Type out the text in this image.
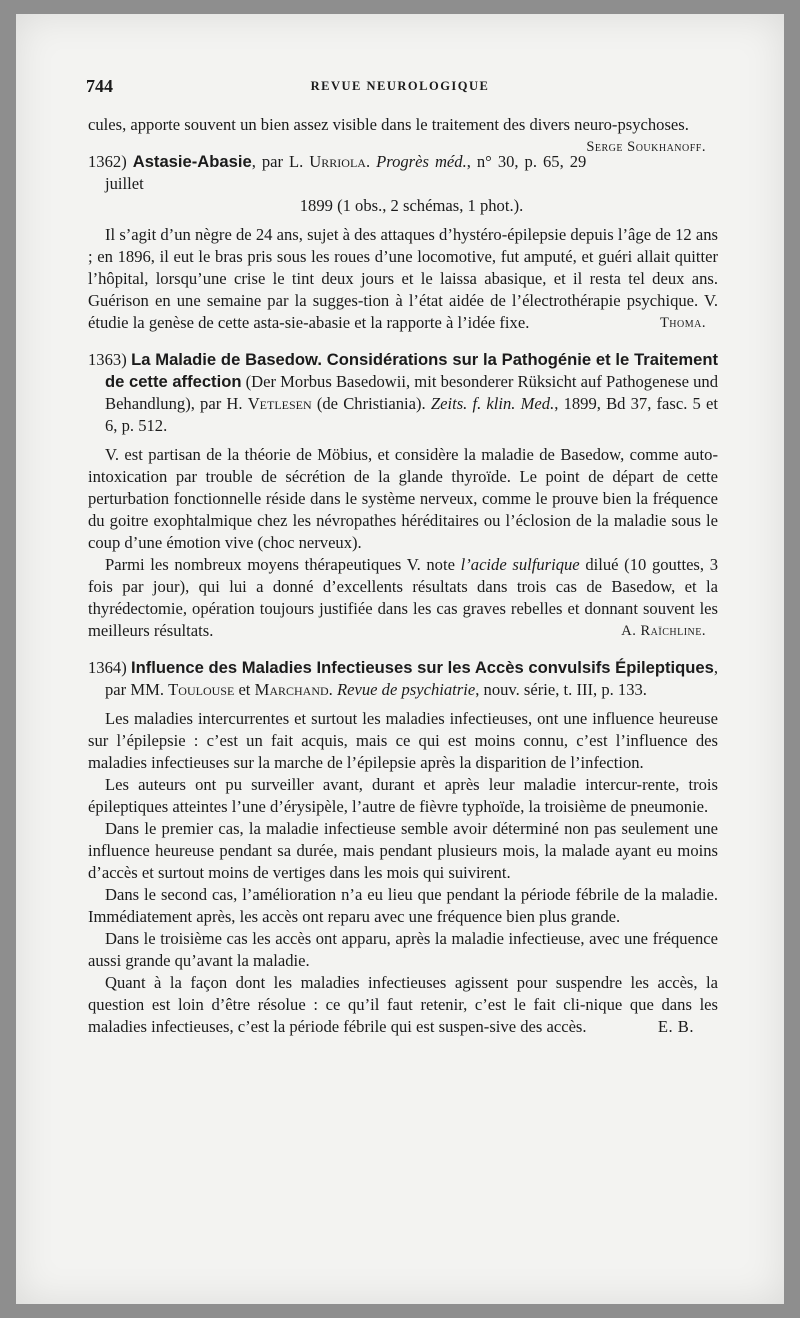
744	REVUE NEUROLOGIQUE

cules, apporte souvent un bien assez visible dans le traitement des divers neuro-psychoses.
Serge Soukhanoff.

1362) Astasie-Abasie, par L. Urriola. Progrès méd., n° 30, p. 65, 29 juillet
1899 (1 obs., 2 schémas, 1 phot.).

Il s’agit d’un nègre de 24 ans, sujet à des attaques d’hystéro-épilepsie depuis l’âge de 12 ans ; en 1896, il eut le bras pris sous les roues d’une locomotive, fut amputé, et guéri allait quitter l’hôpital, lorsqu’une crise le tint deux jours et le laissa abasique, et il resta tel deux ans. Guérison en une semaine par la sugges-tion à l’état aidée de l’électrothérapie psychique. V. étudie la genèse de cette asta-sie-abasie et la rapporte à l’idée fixe.	Thoma.

1363) La Maladie de Basedow. Considérations sur la Pathogénie et le Traitement de cette affection (Der Morbus Basedowii, mit besonderer Rüksicht auf Pathogenese und Behandlung), par H. Vetlesen (de Christiania). Zeits. f. klin. Med., 1899, Bd 37, fasc. 5 et 6, p. 512.

V. est partisan de la théorie de Möbius, et considère la maladie de Basedow, comme auto-intoxication par trouble de sécrétion de la glande thyroïde. Le point de départ de cette perturbation fonctionnelle réside dans le système nerveux, comme le prouve bien la fréquence du goitre exophtalmique chez les névropathes héréditaires ou l’éclosion de la maladie sous le coup d’une émotion vive (choc nerveux).

Parmi les nombreux moyens thérapeutiques V. note l’acide sulfurique dilué (10 gouttes, 3 fois par jour), qui lui a donné d’excellents résultats dans trois cas de Basedow, et la thyrédectomie, opération toujours justifiée dans les cas graves rebelles et donnant souvent les meilleurs résultats.	A. Raïchline.

1364) Influence des Maladies Infectieuses sur les Accès convulsifs Épileptiques, par MM. Toulouse et Marchand. Revue de psychiatrie, nouv. série, t. III, p. 133.

Les maladies intercurrentes et surtout les maladies infectieuses, ont une influence heureuse sur l’épilepsie : c’est un fait acquis, mais ce qui est moins connu, c’est l’influence des maladies infectieuses sur la marche de l’épilepsie après la disparition de l’infection.

Les auteurs ont pu surveiller avant, durant et après leur maladie intercur-rente, trois épileptiques atteintes l’une d’érysipèle, l’autre de fièvre typhoïde, la troisième de pneumonie.

Dans le premier cas, la maladie infectieuse semble avoir déterminé non pas seulement une influence heureuse pendant sa durée, mais pendant plusieurs mois, la malade ayant eu moins d’accès et surtout moins de vertiges dans les mois qui suivirent.

Dans le second cas, l’amélioration n’a eu lieu que pendant la période fébrile de la maladie. Immédiatement après, les accès ont reparu avec une fréquence bien plus grande.

Dans le troisième cas les accès ont apparu, après la maladie infectieuse, avec une fréquence aussi grande qu’avant la maladie.

Quant à la façon dont les maladies infectieuses agissent pour suspendre les accès, la question est loin d’être résolue : ce qu’il faut retenir, c’est le fait cli-nique que dans les maladies infectieuses, c’est la période fébrile qui est suspen-sive des accès.	E. B.
